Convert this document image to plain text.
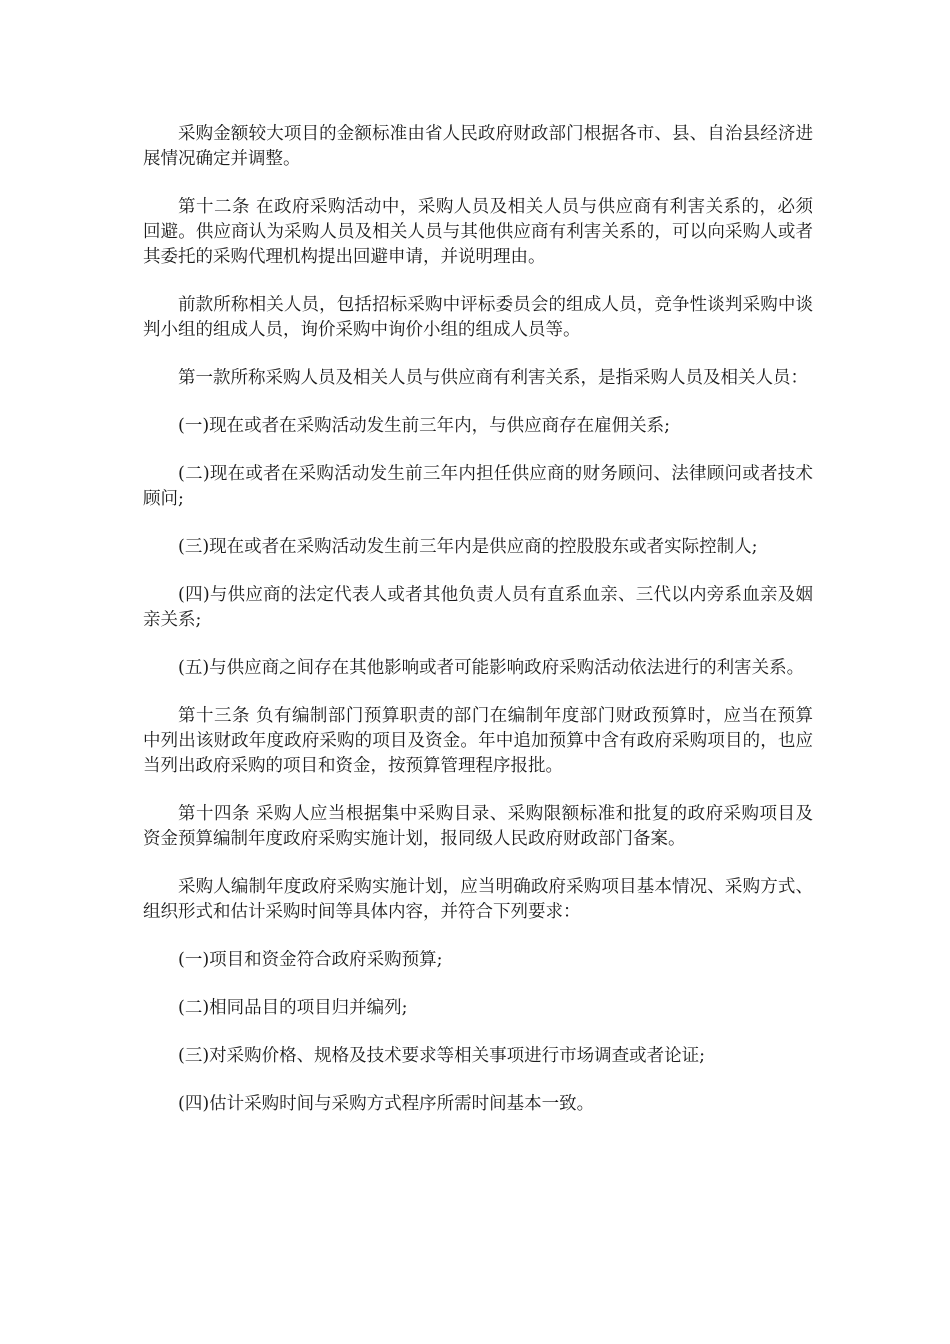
采购金额较大项目的金额标准由省人民政府财政部门根据各市、县、自治县经济进展情况确定并调整。

第十二条 在政府采购活动中，采购人员及相关人员与供应商有利害关系的，必须回避。供应商认为采购人员及相关人员与其他供应商有利害关系的，可以向采购人或者其委托的采购代理机构提出回避申请，并说明理由。

前款所称相关人员，包括招标采购中评标委员会的组成人员，竞争性谈判采购中谈判小组的组成人员，询价采购中询价小组的组成人员等。

第一款所称采购人员及相关人员与供应商有利害关系，是指采购人员及相关人员：

(一)现在或者在采购活动发生前三年内，与供应商存在雇佣关系;

(二)现在或者在采购活动发生前三年内担任供应商的财务顾问、法律顾问或者技术顾问;

(三)现在或者在采购活动发生前三年内是供应商的控股股东或者实际控制人;

(四)与供应商的法定代表人或者其他负责人员有直系血亲、三代以内旁系血亲及姻亲关系;

(五)与供应商之间存在其他影响或者可能影响政府采购活动依法进行的利害关系。

第十三条 负有编制部门预算职责的部门在编制年度部门财政预算时，应当在预算中列出该财政年度政府采购的项目及资金。年中追加预算中含有政府采购项目的，也应当列出政府采购的项目和资金，按预算管理程序报批。

第十四条 采购人应当根据集中采购目录、采购限额标准和批复的政府采购项目及资金预算编制年度政府采购实施计划，报同级人民政府财政部门备案。

采购人编制年度政府采购实施计划，应当明确政府采购项目基本情况、采购方式、组织形式和估计采购时间等具体内容，并符合下列要求：

(一)项目和资金符合政府采购预算;

(二)相同品目的项目归并编列;

(三)对采购价格、规格及技术要求等相关事项进行市场调查或者论证;

(四)估计采购时间与采购方式程序所需时间基本一致。
